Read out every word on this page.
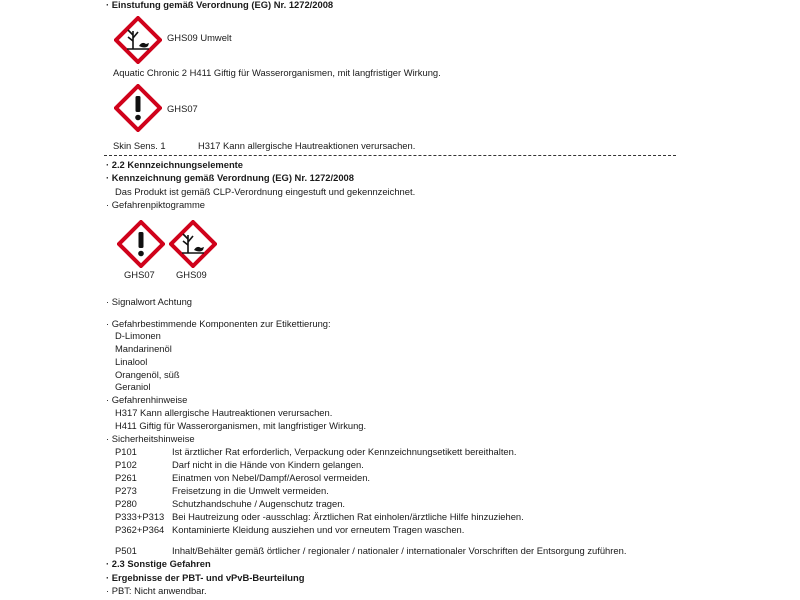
· Einstufung gemäß Verordnung (EG) Nr. 1272/2008
GHS09 Umwelt
Aquatic Chronic 2 H411 Giftig für Wasserorganismen, mit langfristiger Wirkung.
GHS07
Skin Sens. 1	H317 Kann allergische Hautreaktionen verursachen.
· 2.2 Kennzeichnungselemente
· Kennzeichnung gemäß Verordnung (EG) Nr. 1272/2008
Das Produkt ist gemäß CLP-Verordnung eingestuft und gekennzeichnet.
· Gefahrenpiktogramme
GHS07 GHS09
· Signalwort Achtung
· Gefahrbestimmende Komponenten zur Etikettierung:
D-Limonen
Mandarinenöl
Linalool
Orangenöl, süß
Geraniol
· Gefahrenhinweise
H317 Kann allergische Hautreaktionen verursachen.
H411 Giftig für Wasserorganismen, mit langfristiger Wirkung.
· Sicherheitshinweise
P101	Ist ärztlicher Rat erforderlich, Verpackung oder Kennzeichnungsetikett bereithalten.
P102	Darf nicht in die Hände von Kindern gelangen.
P261	Einatmen von Nebel/Dampf/Aerosol vermeiden.
P273	Freisetzung in die Umwelt vermeiden.
P280	Schutzhandschuhe / Augenschutz tragen.
P333+P313 Bei Hautreizung oder -ausschlag: Ärztlichen Rat einholen/ärztliche Hilfe hinzuziehen.
P362+P364 Kontaminierte Kleidung ausziehen und vor erneutem Tragen waschen.
P501	Inhalt/Behälter gemäß örtlicher / regionaler / nationaler / internationaler Vorschriften der Entsorgung zuführen.
· 2.3 Sonstige Gefahren
· Ergebnisse der PBT- und vPvB-Beurteilung
· PBT: Nicht anwendbar.
